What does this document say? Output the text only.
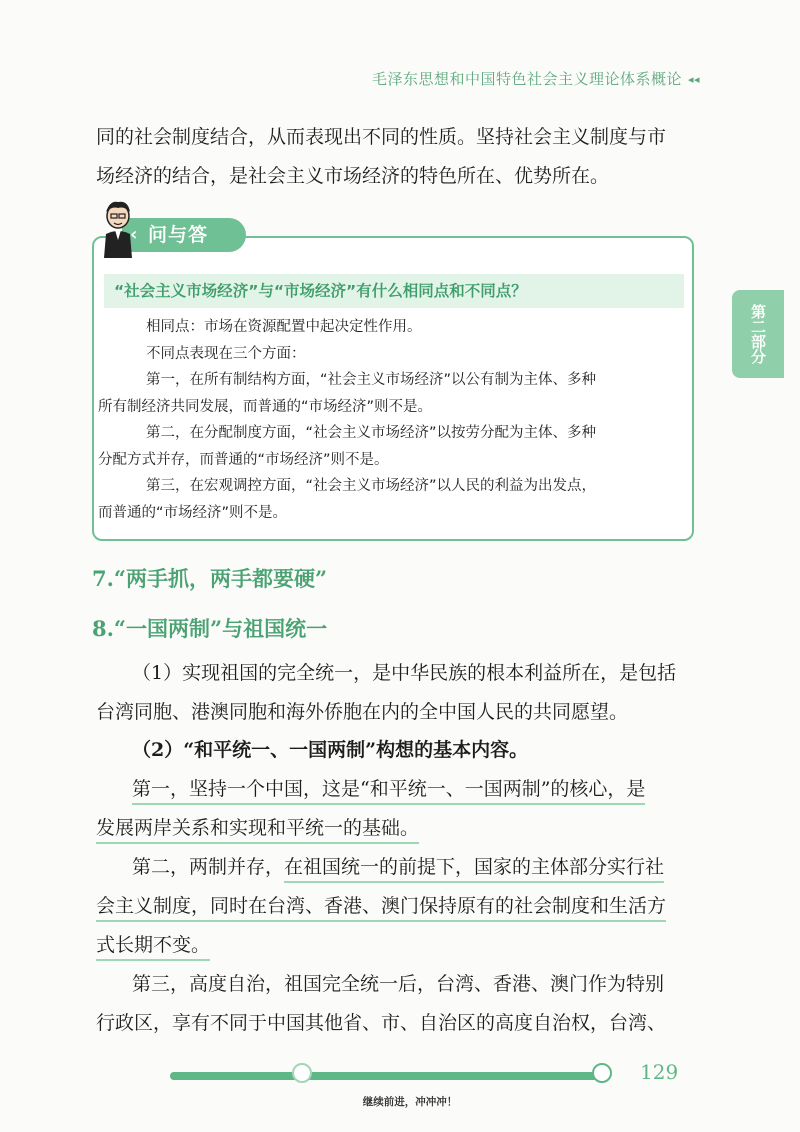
毛泽东思想和中国特色社会主义理论体系概论 ◂◂

同的社会制度结合，从而表现出不同的性质。坚持社会主义制度与市

场经济的结合，是社会主义市场经济的特色所在、优势所在。

‹ 问与答
“社会主义市场经济”与“市场经济”有什么相同点和不同点？

相同点：市场在资源配置中起决定性作用。

不同点表现在三个方面：

第一，在所有制结构方面，“社会主义市场经济”以公有制为主体、多种

所有制经济共同发展，而普通的“市场经济”则不是。

第二，在分配制度方面，“社会主义市场经济”以按劳分配为主体、多种

分配方式并存，而普通的“市场经济”则不是。

第三，在宏观调控方面，“社会主义市场经济”以人民的利益为出发点，

而普通的“市场经济”则不是。

第二部分
7.“两手抓，两手都要硬”
8.“一国两制”与祖国统一
（1）实现祖国的完全统一，是中华民族的根本利益所在，是包括
台湾同胞、港澳同胞和海外侨胞在内的全中国人民的共同愿望。
（2）“和平统一、一国两制”构想的基本内容。
第一，坚持一个中国，这是“和平统一、一国两制”的核心，是
发展两岸关系和实现和平统一的基础。
第二，两制并存，在祖国统一的前提下，国家的主体部分实行社
会主义制度，同时在台湾、香港、澳门保持原有的社会制度和生活方
式长期不变。
第三，高度自治，祖国完全统一后，台湾、香港、澳门作为特别
行政区，享有不同于中国其他省、市、自治区的高度自治权，台湾、
129
继续前进，冲冲冲！
